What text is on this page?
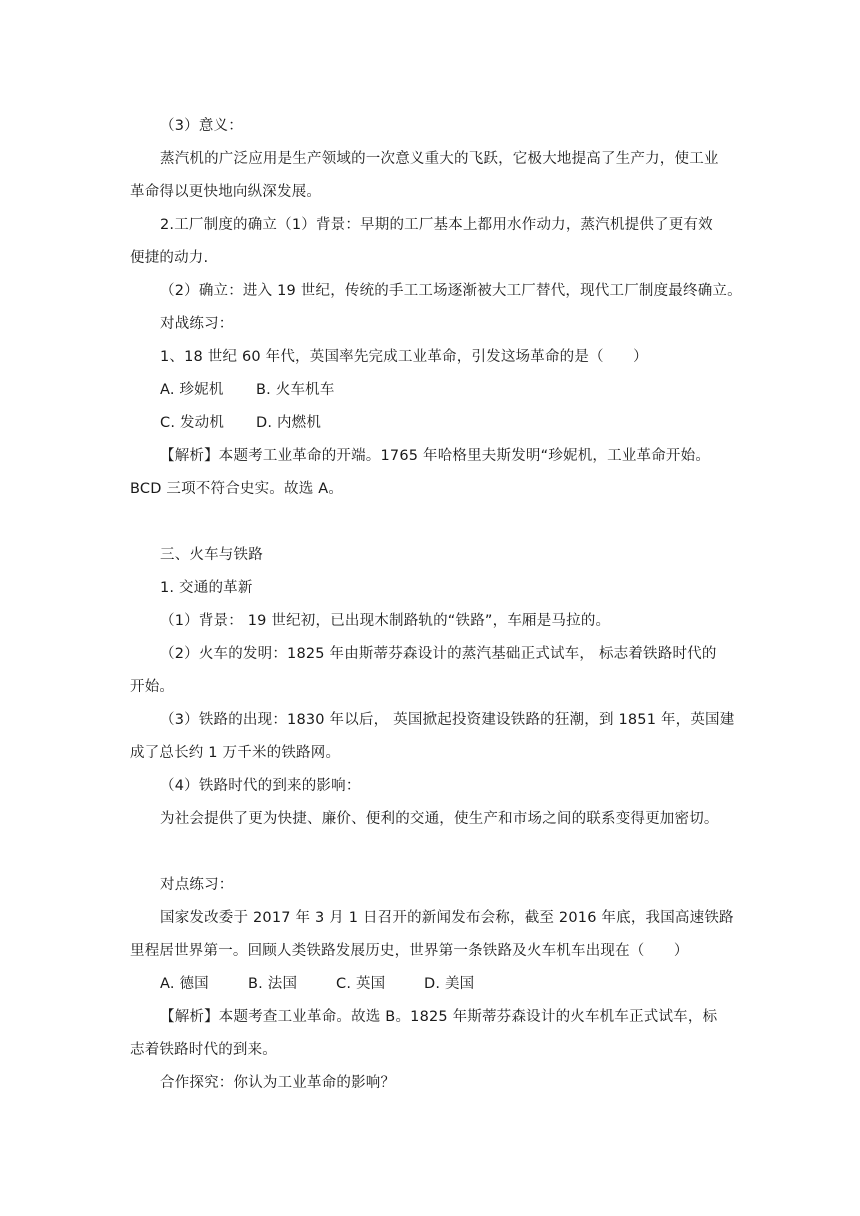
（3）意义：
蒸汽机的广泛应用是生产领域的一次意义重大的飞跃，它极大地提高了生产力，使工业
革命得以更快地向纵深发展。
2.工厂制度的确立（1）背景：早期的工厂基本上都用水作动力，蒸汽机提供了更有效
便捷的动力.
（2）确立：进入 19 世纪，传统的手工工场逐渐被大工厂替代，现代工厂制度最终确立。
对战练习：
1、18 世纪 60 年代，英国率先完成工业革命，引发这场革命的是（　　）
A. 珍妮机 B. 火车机车
C. 发动机 D. 内燃机
【解析】本题考工业革命的开端。1765 年哈格里夫斯发明“珍妮机，工业革命开始。
BCD 三项不符合史实。故选 A。
三、火车与铁路
1. 交通的革新
（1）背景： 19 世纪初，已出现木制路轨的“铁路”，车厢是马拉的。
（2）火车的发明：1825 年由斯蒂芬森设计的蒸汽基础正式试车， 标志着铁路时代的
开始。
（3）铁路的出现：1830 年以后， 英国掀起投资建设铁路的狂潮，到 1851 年，英国建
成了总长约 1 万千米的铁路网。
（4）铁路时代的到来的影响：
为社会提供了更为快捷、廉价、便利的交通，使生产和市场之间的联系变得更加密切。
对点练习：
国家发改委于 2017 年 3 月 1 日召开的新闻发布会称，截至 2016 年底，我国高速铁路
里程居世界第一。回顾人类铁路发展历史，世界第一条铁路及火车机车出现在（　　）
A. 德国	B. 法国	C. 英国	D. 美国
【解析】本题考查工业革命。故选 B。1825 年斯蒂芬森设计的火车机车正式试车，标
志着铁路时代的到来。
合作探究：你认为工业革命的影响？
